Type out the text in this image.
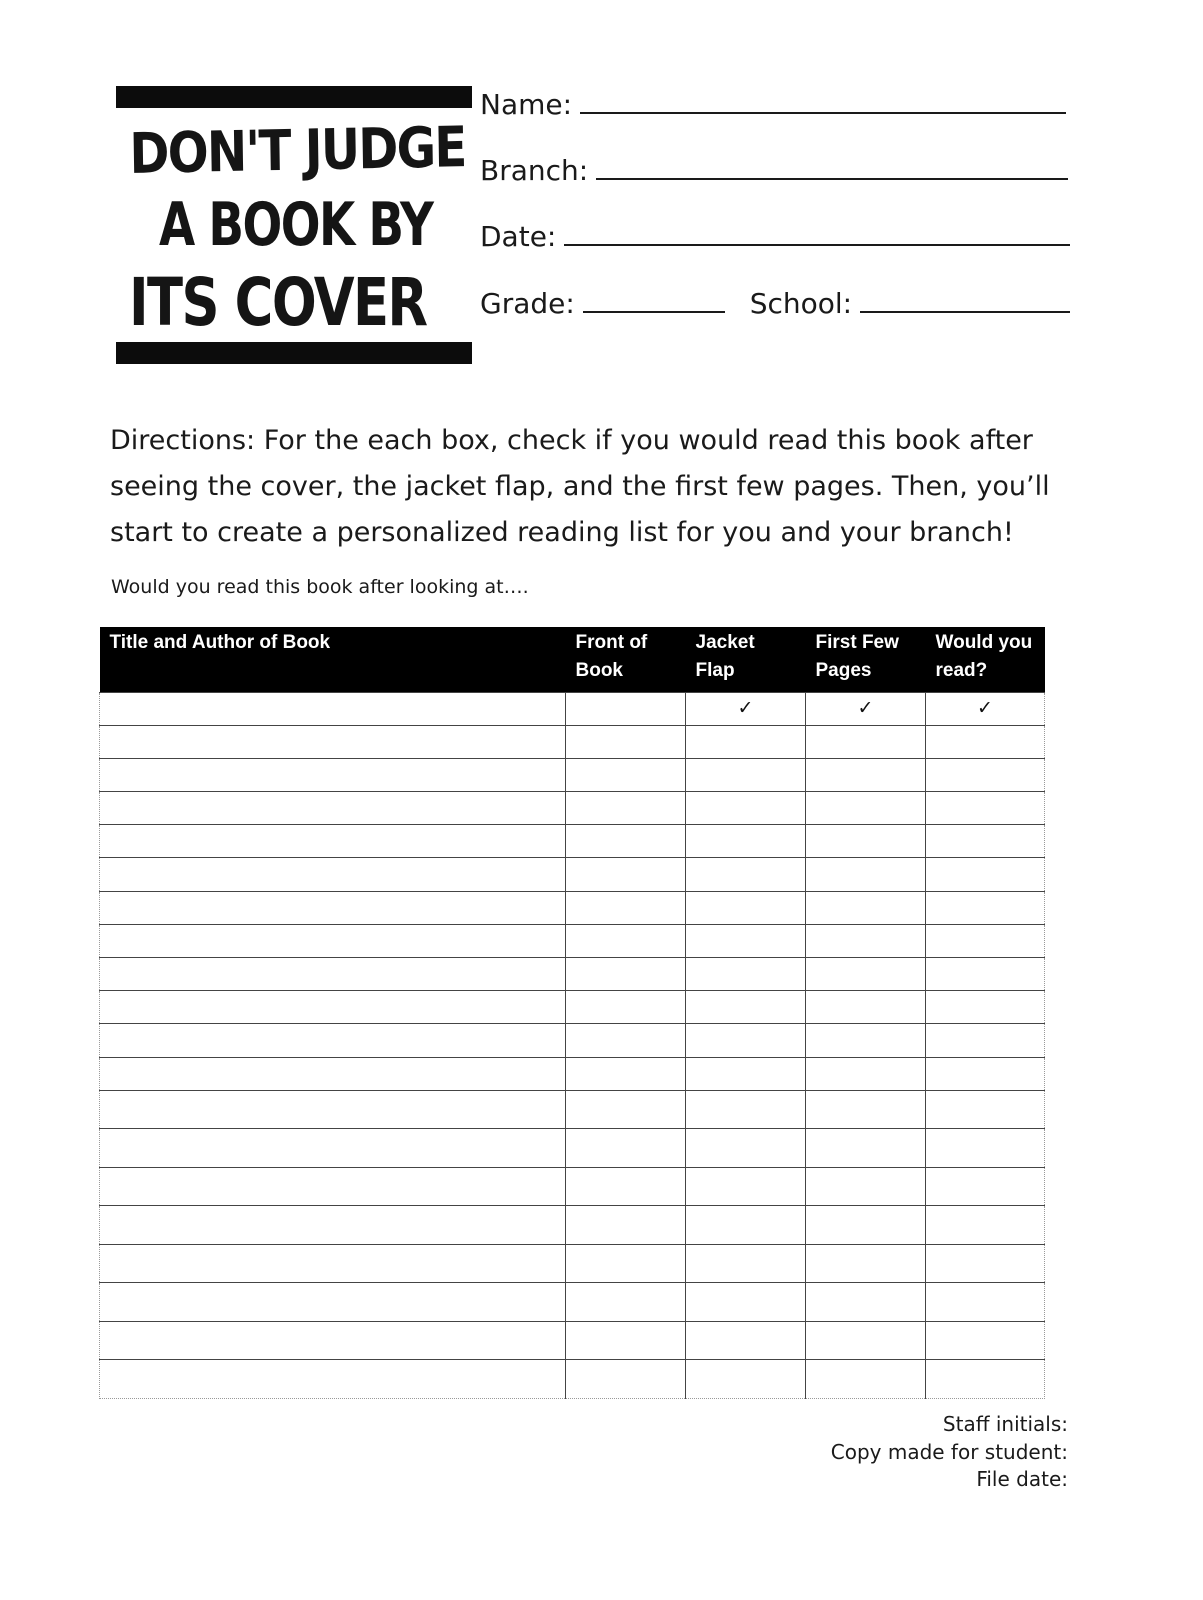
DON'T JUDGE
A BOOK BY
ITS COVER
Name:
Branch:
Date:
Grade:	School:
Directions: For the each box, check if you would read this book after seeing the cover, the jacket flap, and the first few pages. Then, you’ll start to create a personalized reading list for you and your branch!
Would you read this book after looking at….
Title and Author of Book	Front of Book	Jacket Flap	First Few Pages	Would you read?
		✓	✓	✓

Staff initials:
Copy made for student:
File date:
